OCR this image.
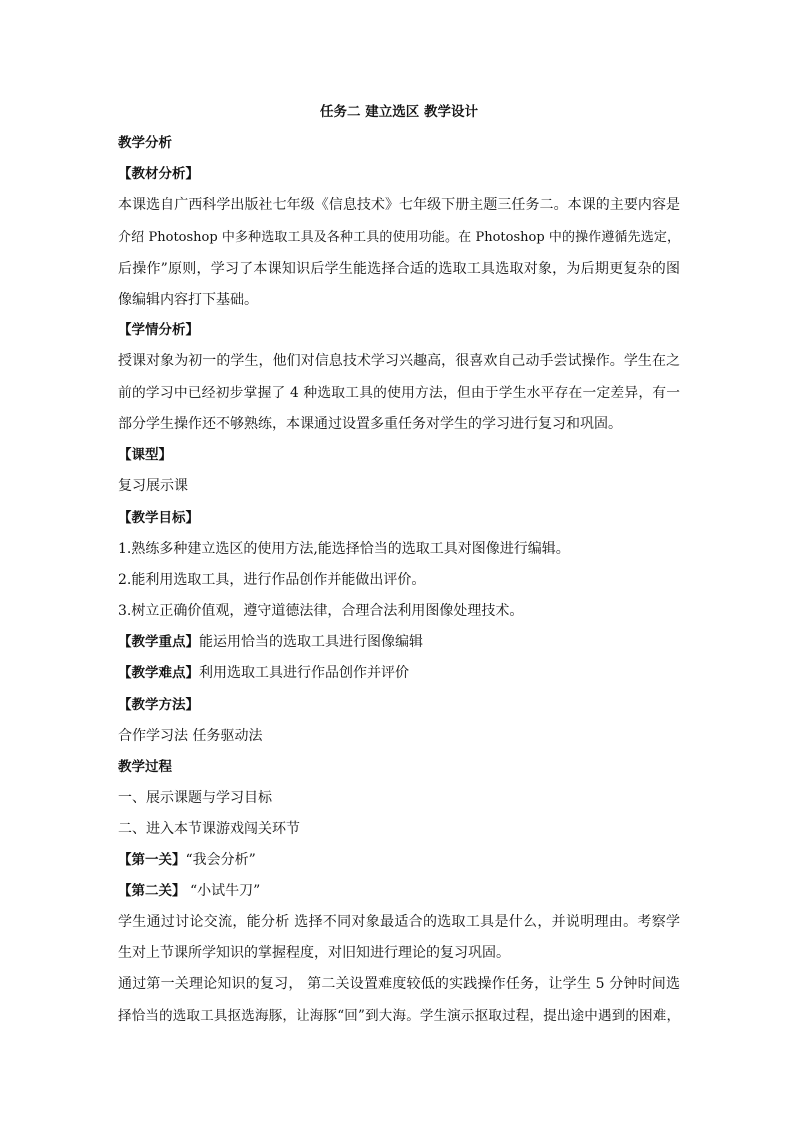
任务二 建立选区 教学设计
教学分析
【教材分析】
本课选自广西科学出版社七年级《信息技术》七年级下册主题三任务二。本课的主要内容是
介绍 Photoshop 中多种选取工具及各种工具的使用功能。在 Photoshop 中的操作遵循先选定，
后操作”原则，学习了本课知识后学生能选择合适的选取工具选取对象，为后期更复杂的图
像编辑内容打下基础。
【学情分析】
授课对象为初一的学生，他们对信息技术学习兴趣高，很喜欢自己动手尝试操作。学生在之
前的学习中已经初步掌握了 4 种选取工具的使用方法，但由于学生水平存在一定差异，有一
部分学生操作还不够熟练，本课通过设置多重任务对学生的学习进行复习和巩固。
【课型】
复习展示课
【教学目标】
1.熟练多种建立选区的使用方法,能选择恰当的选取工具对图像进行编辑。
2.能利用选取工具，进行作品创作并能做出评价。
3.树立正确价值观，遵守道德法律，合理合法利用图像处理技术。
【教学重点】能运用恰当的选取工具进行图像编辑
【教学难点】利用选取工具进行作品创作并评价
【教学方法】
合作学习法 任务驱动法
教学过程
一、展示课题与学习目标
二、进入本节课游戏闯关环节
【第一关】“我会分析”
【第二关】 “小试牛刀”
学生通过讨论交流，能分析 选择不同对象最适合的选取工具是什么，并说明理由。考察学
生对上节课所学知识的掌握程度，对旧知进行理论的复习巩固。
通过第一关理论知识的复习， 第二关设置难度较低的实践操作任务，让学生 5 分钟时间选
择恰当的选取工具抠选海豚，让海豚“回”到大海。学生演示抠取过程，提出途中遇到的困难，
